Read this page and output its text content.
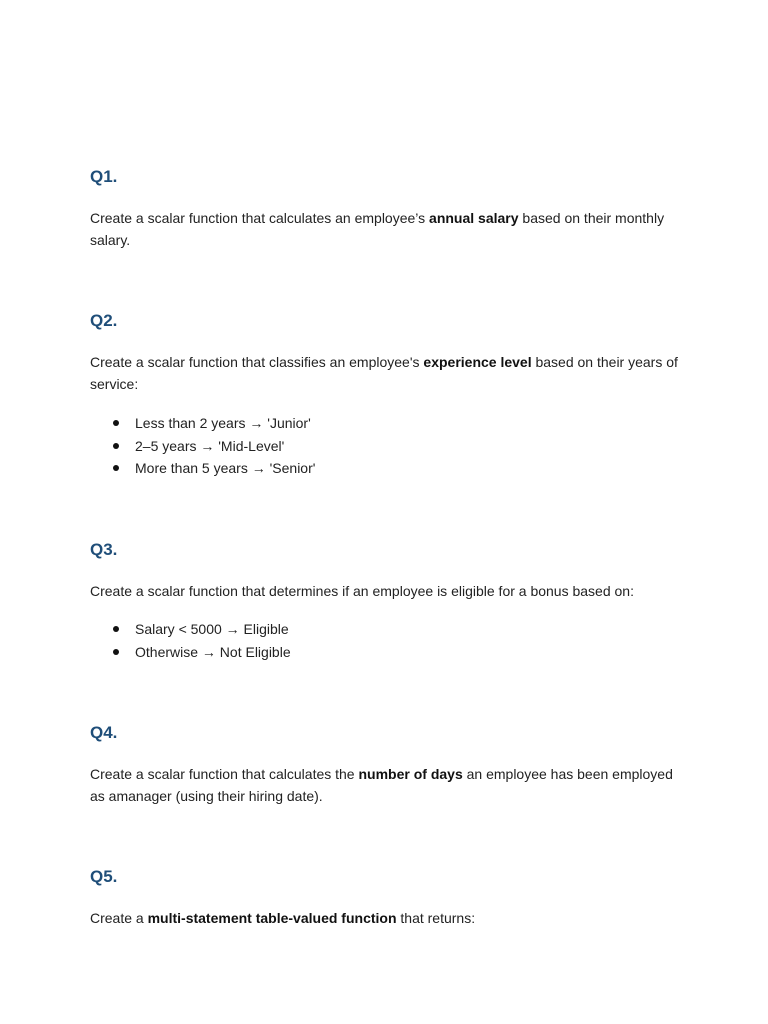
Q1.

Create a scalar function that calculates an employee’s annual salary based on their monthly salary.

Q2.

Create a scalar function that classifies an employee's experience level based on their years of service:

Less than 2 years → 'Junior'
2–5 years → 'Mid-Level'
More than 5 years → 'Senior'
Q3.

Create a scalar function that determines if an employee is eligible for a bonus based on:

Salary < 5000 → Eligible
Otherwise → Not Eligible
Q4.

Create a scalar function that calculates the number of days an employee has been employed as amanager (using their hiring date).

Q5.

Create a multi-statement table-valued function that returns:
